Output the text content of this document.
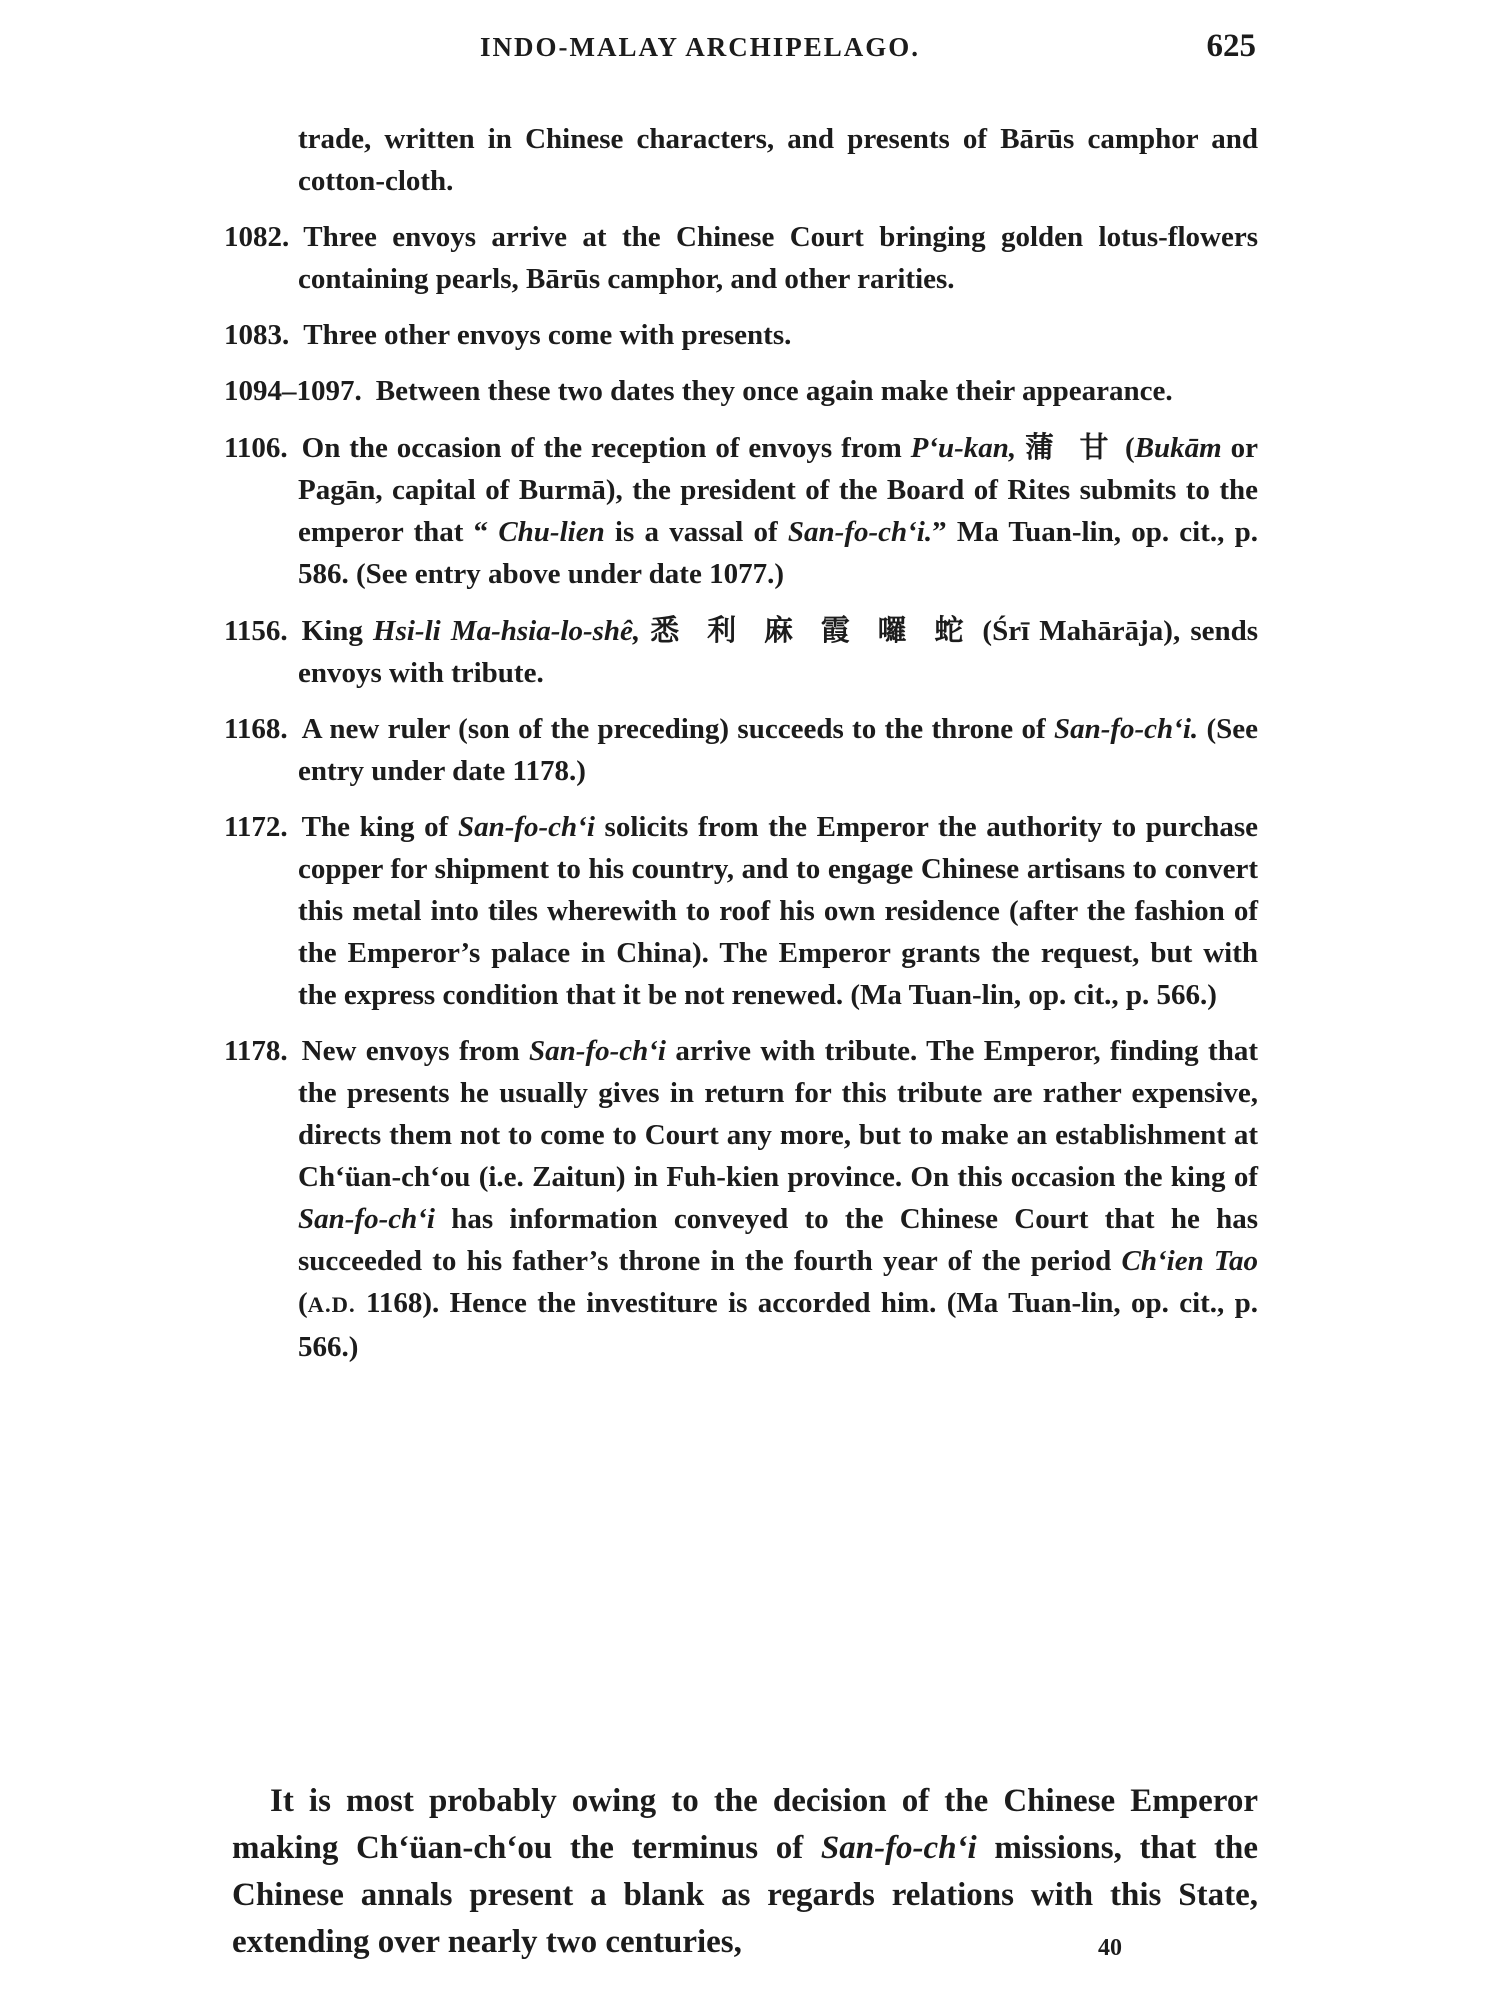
INDO-MALAY ARCHIPELAGO.	625

trade, written in Chinese characters, and presents of Bārūs camphor and cotton-cloth.

1082. Three envoys arrive at the Chinese Court bringing golden lotus-flowers containing pearls, Bārūs camphor, and other rarities.

1083. Three other envoys come with presents.

1094–1097. Between these two dates they once again make their appearance.

1106. On the occasion of the reception of envoys from P‘u-kan, 蒲 甘 (Bukām or Pagān, capital of Burmā), the president of the Board of Rites submits to the emperor that “ Chu-lien is a vassal of San-fo-ch‘i.” Ma Tuan-lin, op. cit., p. 586. (See entry above under date 1077.)

1156. King Hsi-li Ma-hsia-lo-shê, 悉 利 麻 霞 囉 蛇 (Śrī Mahārāja), sends envoys with tribute.

1168. A new ruler (son of the preceding) succeeds to the throne of San-fo-ch‘i. (See entry under date 1178.)

1172. The king of San-fo-ch‘i solicits from the Emperor the authority to purchase copper for shipment to his country, and to engage Chinese artisans to convert this metal into tiles wherewith to roof his own residence (after the fashion of the Emperor’s palace in China). The Emperor grants the request, but with the express condition that it be not renewed. (Ma Tuan-lin, op. cit., p. 566.)

1178. New envoys from San-fo-ch‘i arrive with tribute. The Emperor, finding that the presents he usually gives in return for this tribute are rather expensive, directs them not to come to Court any more, but to make an establishment at Ch‘üan-ch‘ou (i.e. Zaitun) in Fuh-kien province. On this occasion the king of San-fo-ch‘i has information conveyed to the Chinese Court that he has succeeded to his father’s throne in the fourth year of the period Ch‘ien Tao (A.D. 1168). Hence the investiture is accorded him. (Ma Tuan-lin, op. cit., p. 566.)

It is most probably owing to the decision of the Chinese Emperor making Ch‘üan-ch‘ou the terminus of San-fo-ch‘i missions, that the Chinese annals present a blank as regards relations with this State, extending over nearly two centuries,	40
